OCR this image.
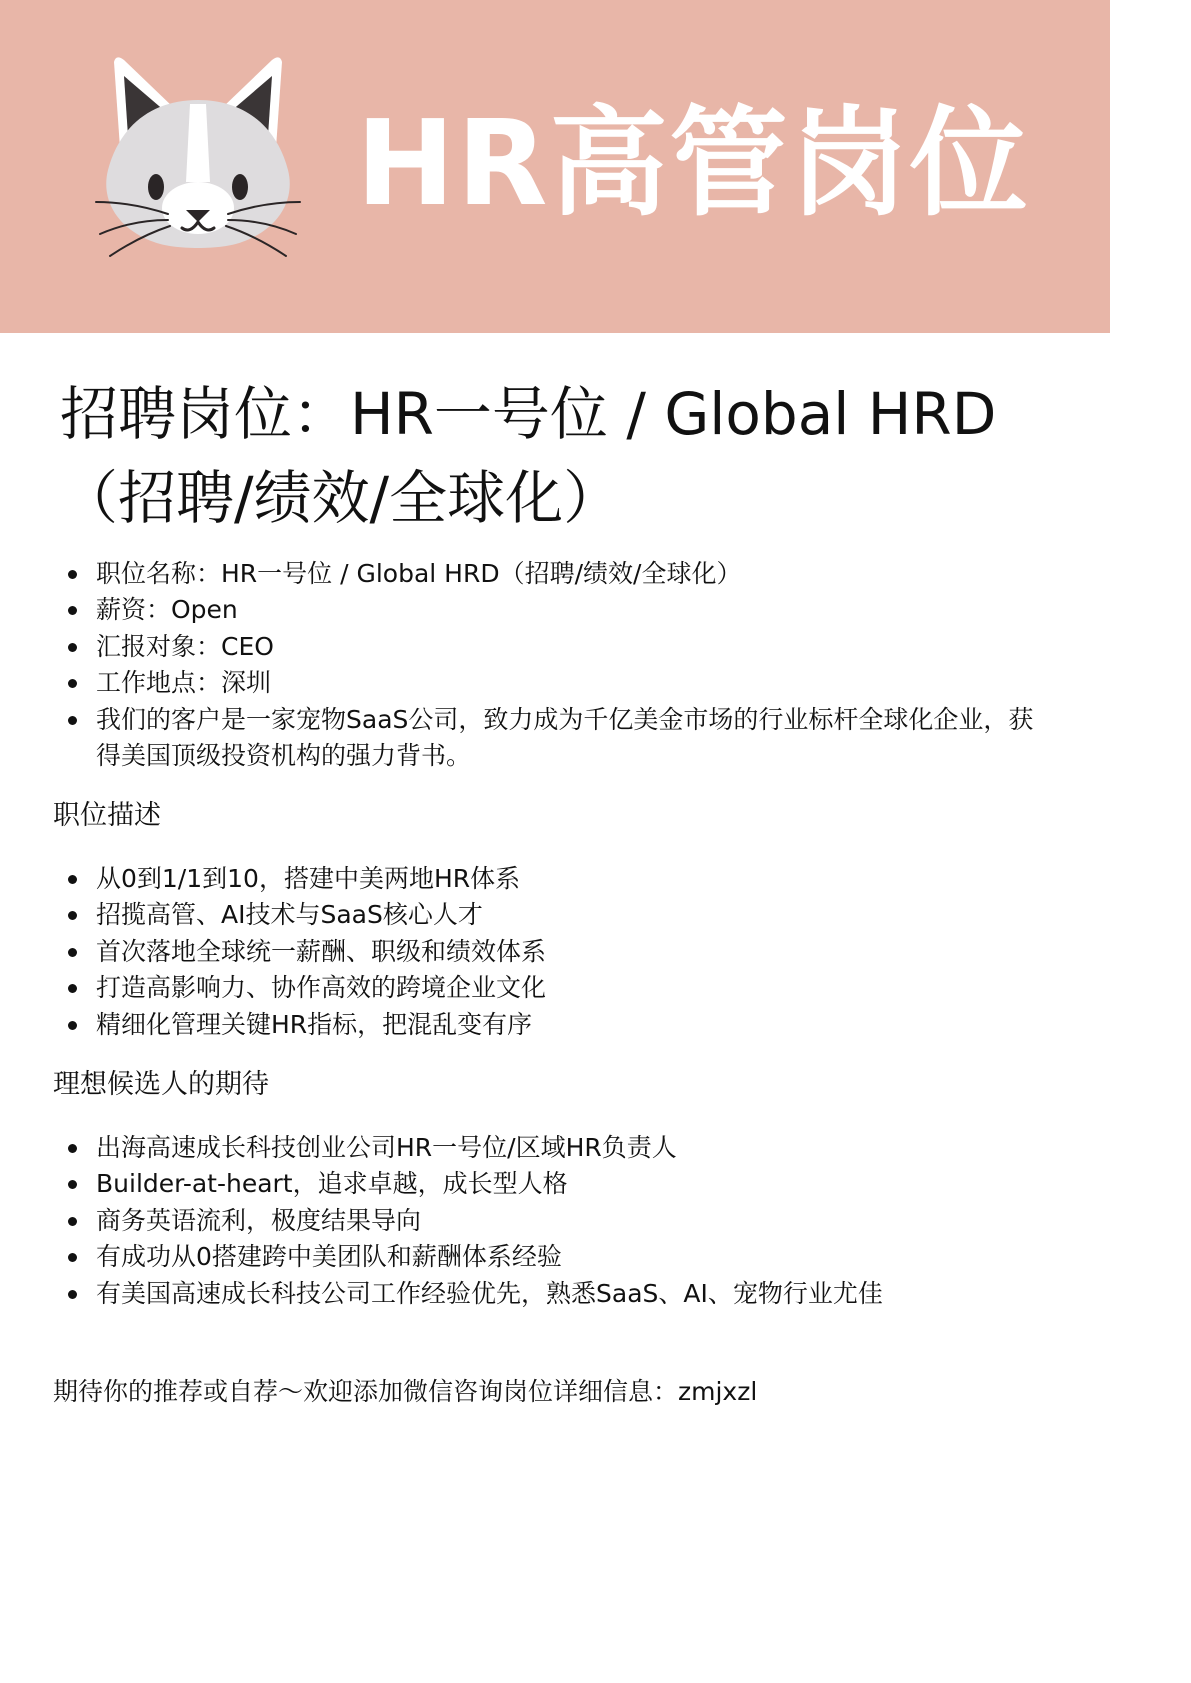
HR高管岗位
招聘岗位：HR一号位 / Global HRD（招聘/绩效/全球化）
职位名称：HR一号位 / Global HRD（招聘/绩效/全球化）
薪资：Open
汇报对象：CEO
工作地点：深圳
我们的客户是一家宠物SaaS公司，致力成为千亿美金市场的行业标杆全球化企业，获得美国顶级投资机构的强力背书。
职位描述
从0到1/1到10，搭建中美两地HR体系
招揽高管、AI技术与SaaS核心人才
首次落地全球统一薪酬、职级和绩效体系
打造高影响力、协作高效的跨境企业文化
精细化管理关键HR指标，把混乱变有序
理想候选人的期待
出海高速成长科技创业公司HR一号位/区域HR负责人
Builder-at-heart，追求卓越，成长型人格
商务英语流利，极度结果导向
有成功从0搭建跨中美团队和薪酬体系经验
有美国高速成长科技公司工作经验优先，熟悉SaaS、AI、宠物行业尤佳
期待你的推荐或自荐～欢迎添加微信咨询岗位详细信息：zmjxzl
